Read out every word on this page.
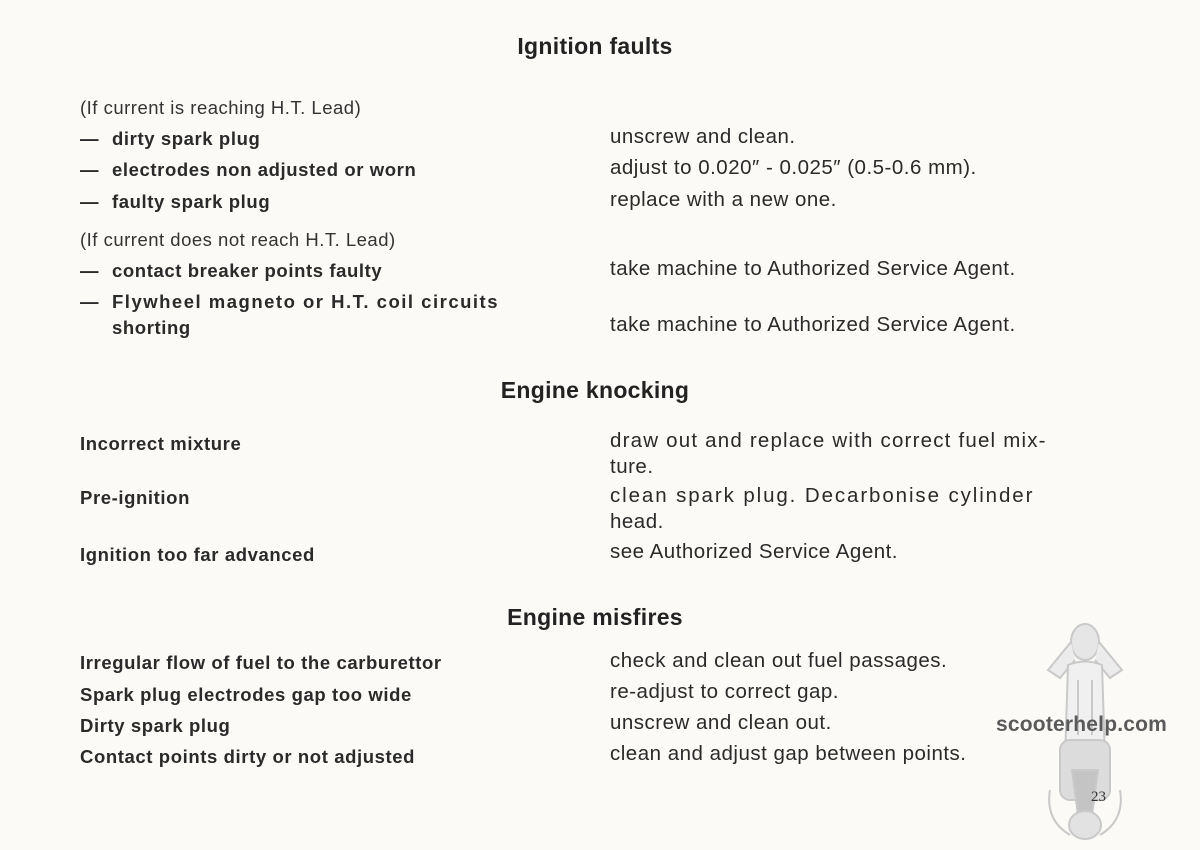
Ignition faults
(If current is reaching H.T. Lead)
— dirty spark plug	unscrew and clean.
— electrodes non adjusted or worn	adjust to 0.020″ - 0.025″ (0.5-0.6 mm).
— faulty spark plug	replace with a new one.
(If current does not reach H.T. Lead)
— contact breaker points faulty	take machine to Authorized Service Agent.
— Flywheel magneto or H.T. coil circuits
shorting	take machine to Authorized Service Agent.
Engine knocking
Incorrect mixture	draw out and replace with correct fuel mix-
ture.
Pre-ignition	clean spark plug. Decarbonise cylinder
head.
Ignition too far advanced	see Authorized Service Agent.
Engine misfires
Irregular flow of fuel to the carburettor	check and clean out fuel passages.
Spark plug electrodes gap too wide	re-adjust to correct gap.
Dirty spark plug	unscrew and clean out.
Contact points dirty or not adjusted	clean and adjust gap between points.
scooterhelp.com
23
